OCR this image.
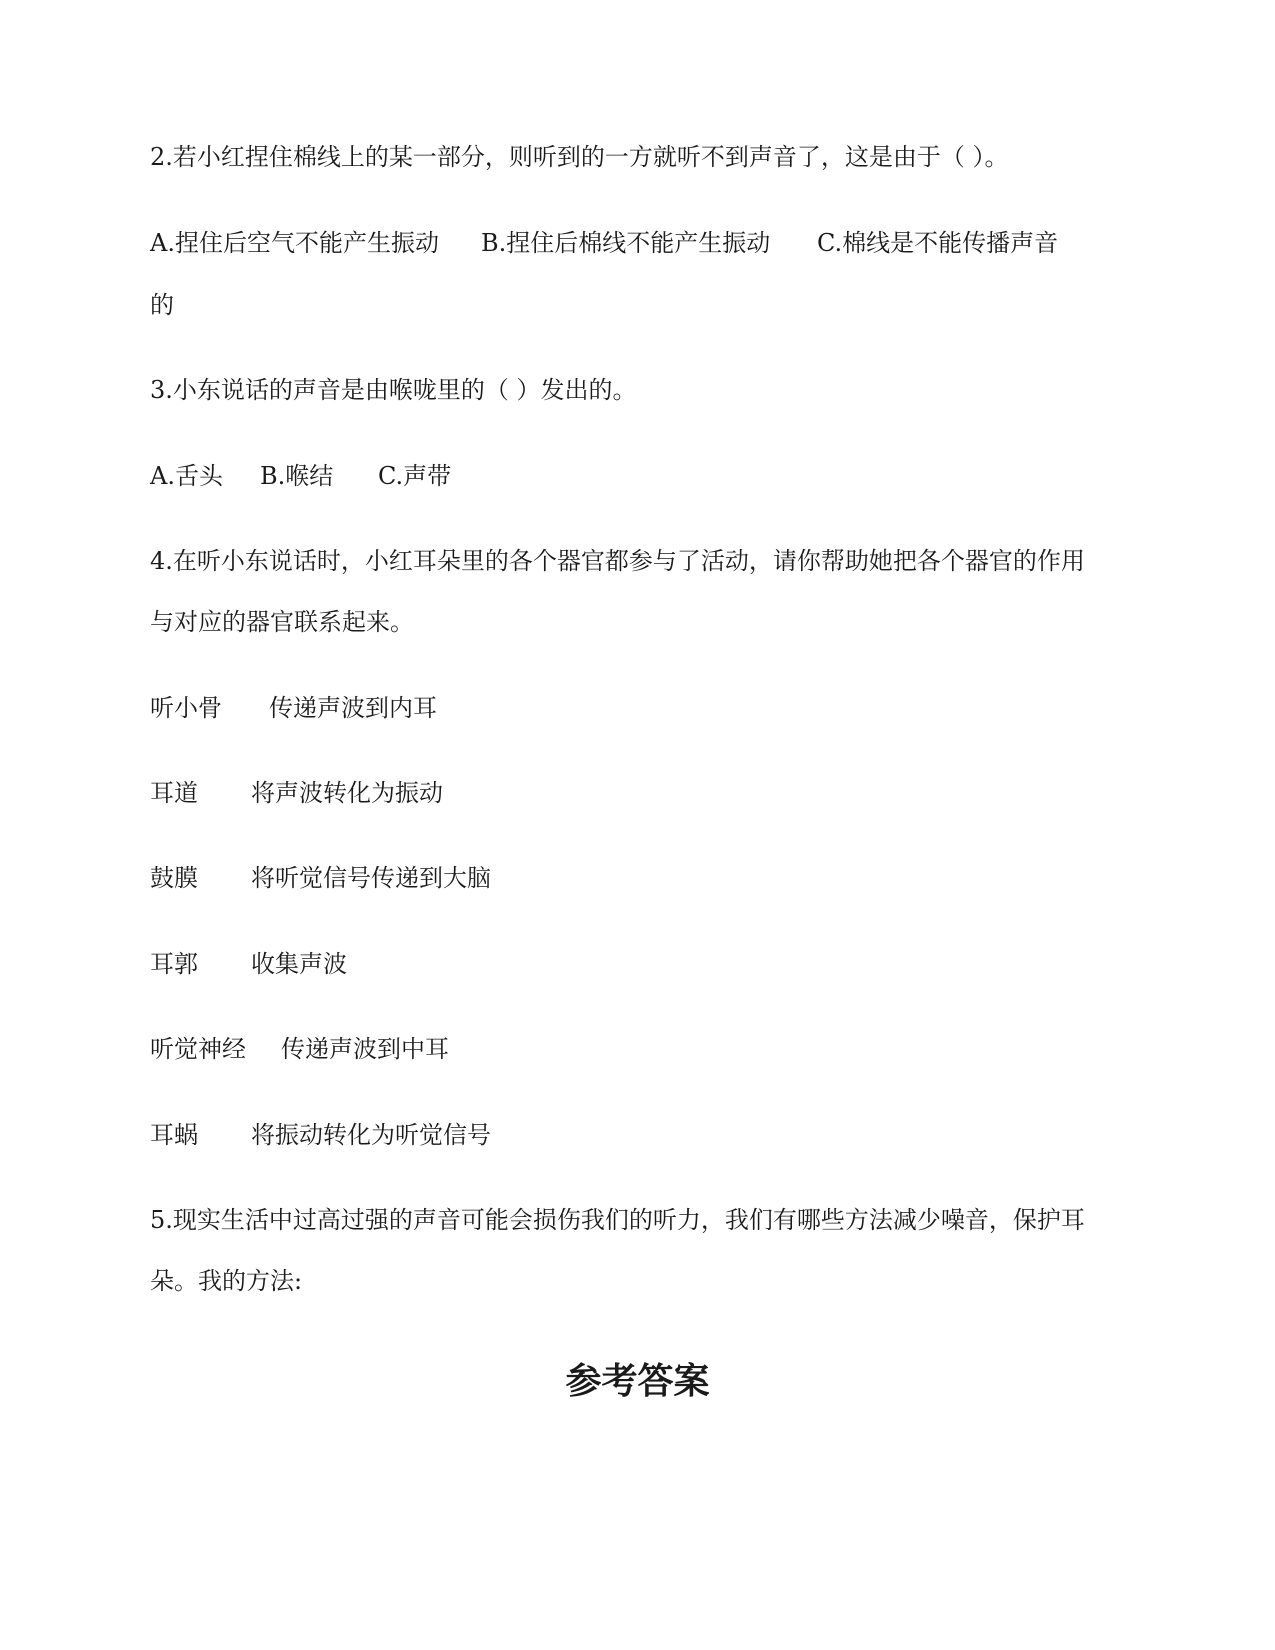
2.若小红捏住棉线上的某一部分，则听到的一方就听不到声音了，这是由于（ ）。
A.捏住后空气不能产生振动 B.捏住后棉线不能产生振动 C.棉线是不能传播声音
的
3.小东说话的声音是由喉咙里的（ ）发出的。
A.舌头 B.喉结 C.声带
4.在听小东说话时，小红耳朵里的各个器官都参与了活动，请你帮助她把各个器官的作用
与对应的器官联系起来。
听小骨 传递声波到内耳
耳道 将声波转化为振动
鼓膜 将听觉信号传递到大脑
耳郭 收集声波
听觉神经 传递声波到中耳
耳蜗 将振动转化为听觉信号
5.现实生活中过高过强的声音可能会损伤我们的听力，我们有哪些方法减少噪音，保护耳
朵。我的方法:
参考答案
